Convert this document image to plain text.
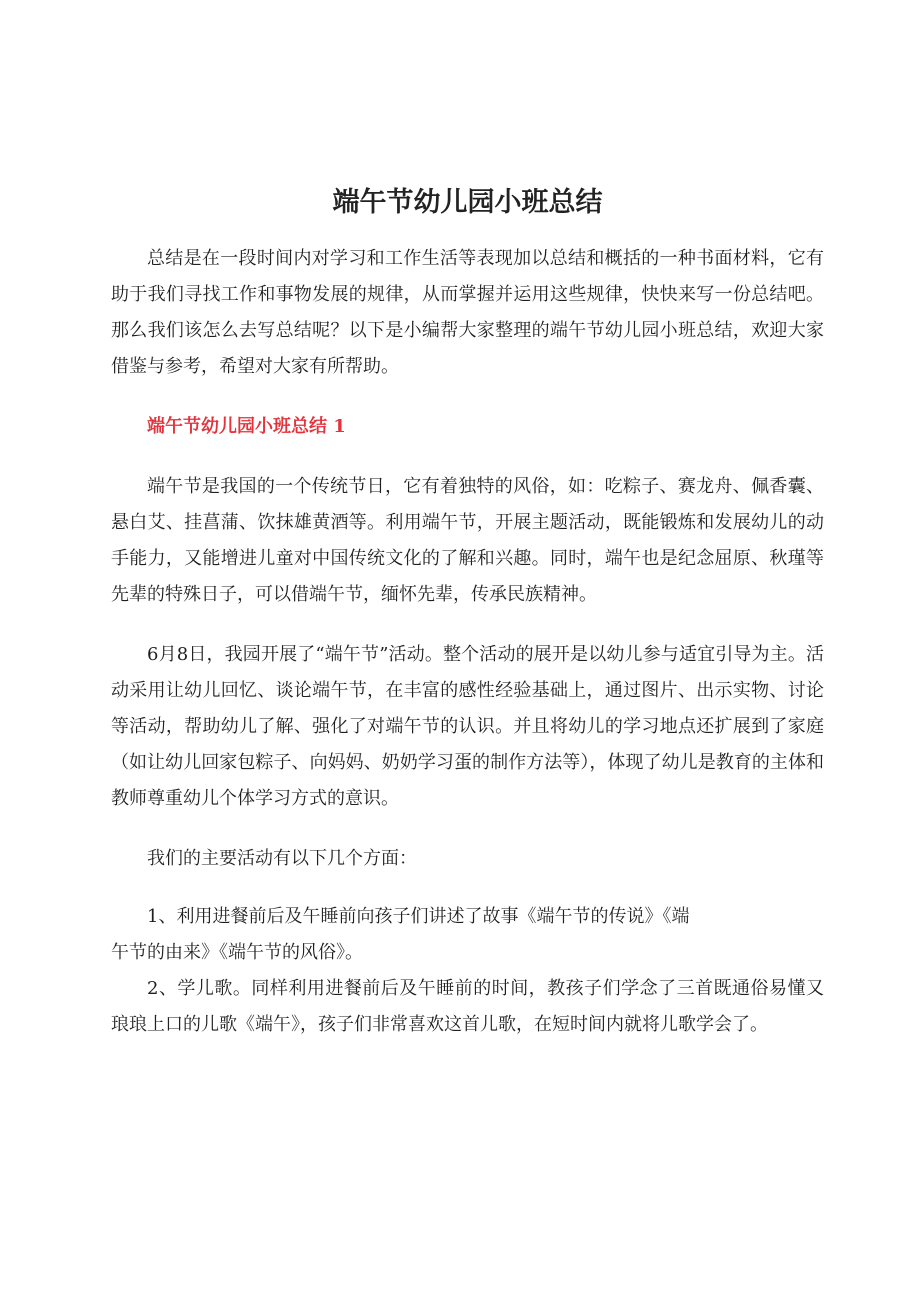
端午节幼儿园小班总结

总结是在一段时间内对学习和工作生活等表现加以总结和概括的一种书面材料，它有助于我们寻找工作和事物发展的规律，从而掌握并运用这些规律，快快来写一份总结吧。那么我们该怎么去写总结呢？以下是小编帮大家整理的端午节幼儿园小班总结，欢迎大家借鉴与参考，希望对大家有所帮助。

端午节幼儿园小班总结 1

端午节是我国的一个传统节日，它有着独特的风俗，如：吃粽子、赛龙舟、佩香囊、悬白艾、挂菖蒲、饮抹雄黄酒等。利用端午节，开展主题活动，既能锻炼和发展幼儿的动手能力，又能增进儿童对中国传统文化的了解和兴趣。同时，端午也是纪念屈原、秋瑾等先辈的特殊日子，可以借端午节，缅怀先辈，传承民族精神。

6月8日，我园开展了“端午节”活动。整个活动的展开是以幼儿参与适宜引导为主。活动采用让幼儿回忆、谈论端午节，在丰富的感性经验基础上，通过图片、出示实物、讨论等活动，帮助幼儿了解、强化了对端午节的认识。并且将幼儿的学习地点还扩展到了家庭（如让幼儿回家包粽子、向妈妈、奶奶学习蛋的制作方法等），体现了幼儿是教育的主体和教师尊重幼儿个体学习方式的意识。

我们的主要活动有以下几个方面：

1、利用进餐前后及午睡前向孩子们讲述了故事《端午节的传说》《端
午节的由来》《端午节的风俗》。

2、学儿歌。同样利用进餐前后及午睡前的时间，教孩子们学念了三首既通俗易懂又琅琅上口的儿歌《端午》，孩子们非常喜欢这首儿歌，在短时间内就将儿歌学会了。
